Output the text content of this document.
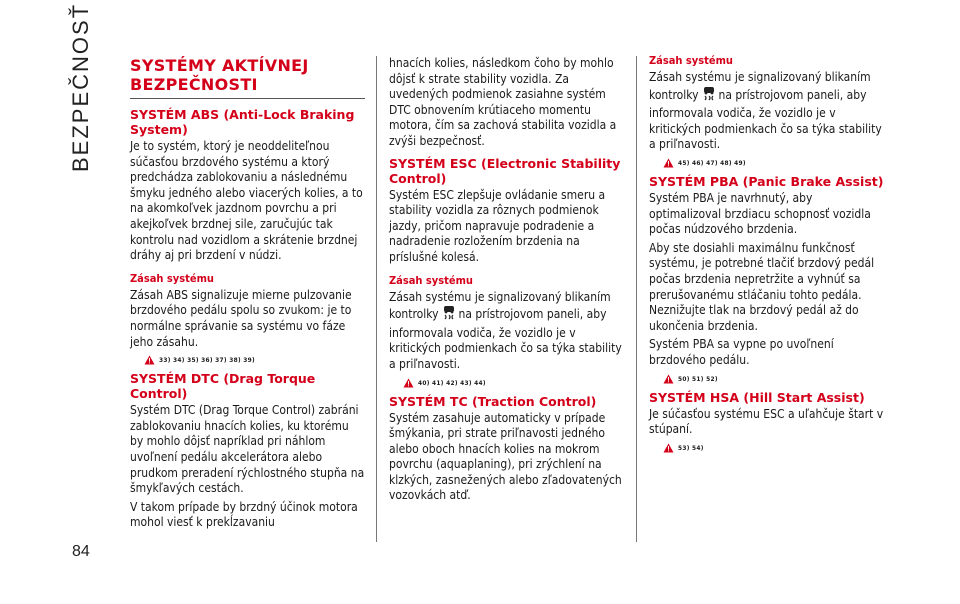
BEZPEČNOSŤ
84
SYSTÉMY AKTÍVNEJ BEZPEČNOSTI
SYSTÉM ABS (Anti-Lock Braking System)

Je to systém, ktorý je neoddeliteľnou súčasťou brzdového systému a ktorý predchádza zablokovaniu a následnému šmyku jedného alebo viacerých kolies, a to na akomkoľvek jazdnom povrchu a pri akejkoľvek brzdnej sile, zaručujúc tak kontrolu nad vozidlom a skrátenie brzdnej dráhy aj pri brzdení v núdzi.

Zásah systému

Zásah ABS signalizuje mierne pulzovanie brzdového pedálu spolu so zvukom: je to normálne správanie sa systému vo fáze jeho zásahu.

33) 34) 35) 36) 37) 38) 39)
SYSTÉM DTC (Drag Torque Control)

Systém DTC (Drag Torque Control) zabráni zablokovaniu hnacích kolies, ku ktorému by mohlo dôjsť napríklad pri náhlom uvoľnení pedálu akcelerátora alebo prudkom preradení rýchlostného stupňa na šmykľavých cestách.

V takom prípade by brzdný účinok motora mohol viesť k prekĺzavaniu

hnacích kolies, následkom čoho by mohlo dôjsť k strate stability vozidla. Za uvedených podmienok zasiahne systém DTC obnovením krútiaceho momentu motora, čím sa zachová stabilita vozidla a zvýši bezpečnosť.

SYSTÉM ESC (Electronic Stability Control)

Systém ESC zlepšuje ovládanie smeru a stability vozidla za rôznych podmienok jazdy, pričom napravuje podradenie a nadradenie rozložením brzdenia na príslušné kolesá.

Zásah systému

Zásah systému je signalizovaný blikaním kontrolky na prístrojovom paneli, aby informovala vodiča, že vozidlo je v kritických podmienkach čo sa týka stability a priľnavosti.

40) 41) 42) 43) 44)
SYSTÉM TC (Traction Control)

Systém zasahuje automaticky v prípade šmýkania, pri strate priľnavosti jedného alebo oboch hnacích kolies na mokrom povrchu (aquaplaning), pri zrýchlení na klzkých, zasnežených alebo zľadovatených vozovkách atď.

Zásah systému

Zásah systému je signalizovaný blikaním kontrolky na prístrojovom paneli, aby informovala vodiča, že vozidlo je v kritických podmienkach čo sa týka stability a priľnavosti.

45) 46) 47) 48) 49)
SYSTÉM PBA (Panic Brake Assist)

Systém PBA je navrhnutý, aby optimalizoval brzdiacu schopnosť vozidla počas núdzového brzdenia.

Aby ste dosiahli maximálnu funkčnosť systému, je potrebné tlačiť brzdový pedál počas brzdenia nepretržite a vyhnúť sa prerušovanému stláčaniu tohto pedála. Neznižujte tlak na brzdový pedál až do ukončenia brzdenia.

Systém PBA sa vypne po uvoľnení brzdového pedálu.

50) 51) 52)
SYSTÉM HSA (Hill Start Assist)

Je súčasťou systému ESC a uľahčuje štart v stúpaní.

53) 54)
